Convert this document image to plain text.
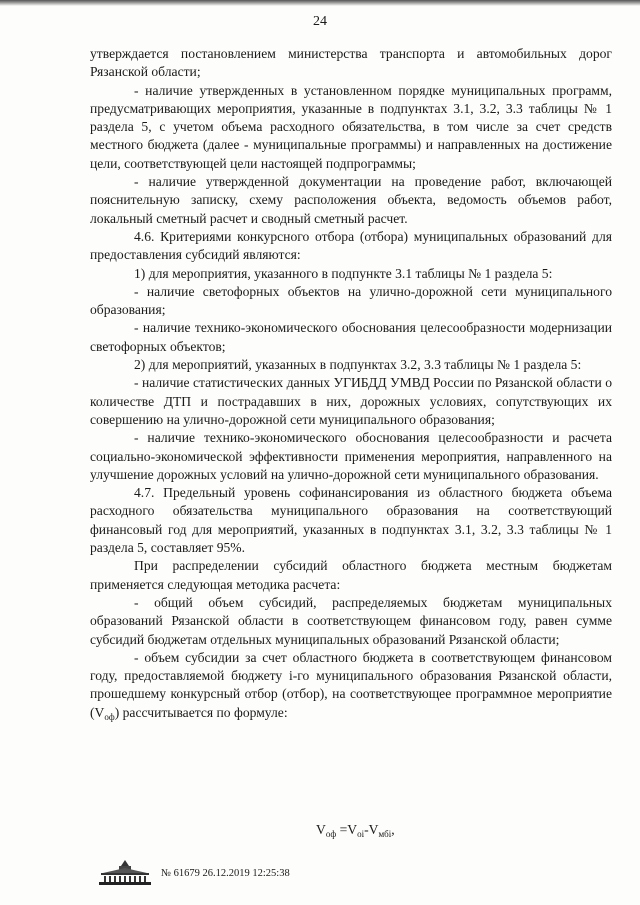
24

утверждается постановлением министерства транспорта и автомобильных дорог Рязанской области;

- наличие утвержденных в установленном порядке муниципальных программ, предусматривающих мероприятия, указанные в подпунктах 3.1, 3.2, 3.3 таблицы № 1 раздела 5, с учетом объема расходного обязательства, в том числе за счет средств местного бюджета (далее - муниципальные программы) и направленных на достижение цели, соответствующей цели настоящей подпрограммы;

- наличие утвержденной документации на проведение работ, включающей пояснительную записку, схему расположения объекта, ведомость объемов работ, локальный сметный расчет и сводный сметный расчет.

4.6. Критериями конкурсного отбора (отбора) муниципальных образований для предоставления субсидий являются:

1) для мероприятия, указанного в подпункте 3.1 таблицы № 1 раздела 5:

- наличие светофорных объектов на улично-дорожной сети муниципального образования;

- наличие технико-экономического обоснования целесообразности модернизации светофорных объектов;

2) для мероприятий, указанных в подпунктах 3.2, 3.3 таблицы № 1 раздела 5:

- наличие статистических данных УГИБДД УМВД России по Рязанской области о количестве ДТП и пострадавших в них, дорожных условиях, сопутствующих их совершению на улично-дорожной сети муниципального образования;

- наличие технико-экономического обоснования целесообразности и расчета социально-экономической эффективности применения мероприятия, направленного на улучшение дорожных условий на улично-дорожной сети муниципального образования.

4.7. Предельный уровень софинансирования из областного бюджета объема расходного обязательства муниципального образования на соответствующий финансовый год для мероприятий, указанных в подпунктах 3.1, 3.2, 3.3 таблицы № 1 раздела 5, составляет 95%.

При распределении субсидий областного бюджета местным бюджетам применяется следующая методика расчета:

- общий объем субсидий, распределяемых бюджетам муниципальных образований Рязанской области в соответствующем финансовом году, равен сумме субсидий бюджетам отдельных муниципальных образований Рязанской области;

- объем субсидии за счет областного бюджета в соответствующем финансовом году, предоставляемой бюджету i-го муниципального образования Рязанской области, прошедшему конкурсный отбор (отбор), на соответствующее программное мероприятие $(V_{оф})$ рассчитывается по формуле:

$V_{оф} =V_{оi}-V_{мбi}$,
№ 61679 26.12.2019 12:25:38
